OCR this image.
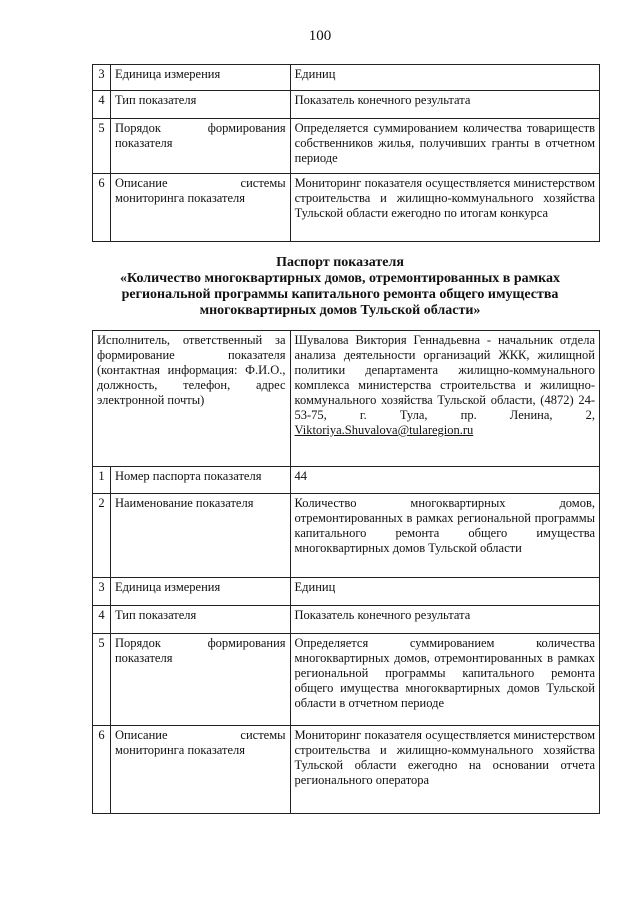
100
3	Единица измерения	Единиц
4	Тип показателя	Показатель конечного результата
5	Порядок формирования показателя	Определяется суммированием количества товариществ собственников жилья, получивших гранты в отчетном периоде
6	Описание системы мониторинга показателя	Мониторинг показателя осуществляется министерством строительства и жилищно-коммунального хозяйства Тульской области ежегодно по итогам конкурса
Паспорт показателя
«Количество многоквартирных домов, отремонтированных в рамках
региональной программы капитального ремонта общего имущества
многоквартирных домов Тульской области»
Исполнитель, ответственный за формирование показателя (контактная информация: Ф.И.О., должность, телефон, адрес электронной почты)		Шувалова Виктория Геннадьевна - начальник отдела анализа деятельности организаций ЖКК, жилищной политики департамента жилищно-коммунального комплекса министерства строительства и жилищно-коммунального хозяйства Тульской области, (4872) 24-53-75, г. Тула, пр. Ленина, 2, Viktoriya.Shuvalova@tularegion.ru
1	Номер паспорта показателя	44
2	Наименование показателя	Количество многоквартирных домов, отремонтированных в рамках региональной программы капитального ремонта общего имущества многоквартирных домов Тульской области
3	Единица измерения	Единиц
4	Тип показателя	Показатель конечного результата
5	Порядок формирования показателя	Определяется суммированием количества многоквартирных домов, отремонтированных в рамках региональной программы капитального ремонта общего имущества многоквартирных домов Тульской области в отчетном периоде
6	Описание системы мониторинга показателя	Мониторинг показателя осуществляется министерством строительства и жилищно-коммунального хозяйства Тульской области ежегодно на основании отчета регионального оператора
